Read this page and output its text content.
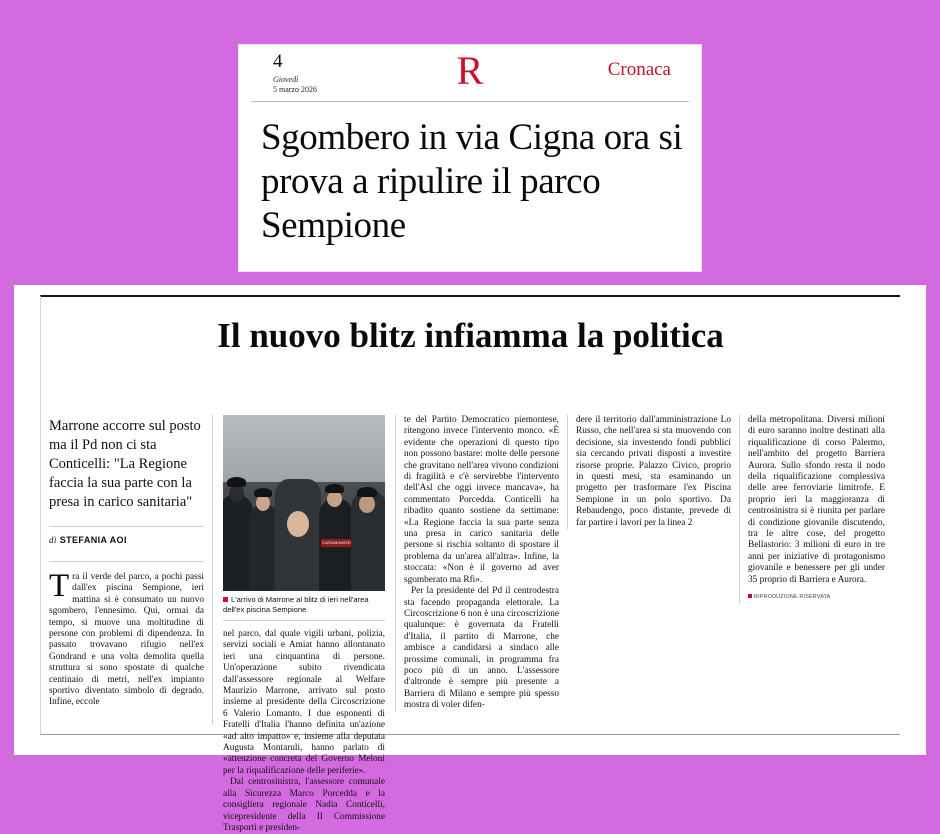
4
Giovedì
5 marzo 2026	R	Cronaca
Sgombero in via Cigna ora si prova a ripulire il parco Sempione
Il nuovo blitz infiamma la politica
Marrone accorre sul posto ma il Pd non ci sta Conticelli: "La Regione faccia la sua parte con la presa in carico sanitaria"
di STEFANIA AOI
T ra il verde del parco, a pochi passi dall'ex piscina Sempione, ieri mattina si è consumato un nuovo sgombero, l'ennesimo. Qui, ormai da tempo, si muove una moltitudine di persone con problemi di dipendenza. In passato trovavano rifugio nell'ex Gondrand e una volta demolita quella struttura si sono spostate di qualche centinaio di metri, nell'ex impianto sportivo diventato simbolo di degrado. Infine, eccole
CARABINIERI
L'arrivo di Marrone al blitz di ieri nell'area dell'ex piscina Sempione

nel parco, dal quale vigili urbani, polizia, servizi sociali e Amiat hanno allontanato ieri una cinquantina di persone. Un'operazione subito rivendicata dall'assessore regionale al Welfare Maurizio Marrone, arrivato sul posto insieme al presidente della Circoscrizione 6 Valerio Lomanto. I due esponenti di Fratelli d'Italia l'hanno definita un'azione «ad alto impatto» e, insieme alla deputata Augusta Montaruli, hanno parlato di «attenzione concreta del Governo Meloni per la riqualificazione delle periferie».

Dal centrosinistra, l'assessore comunale alla Sicurezza Marco Porcedda e la consigliera regionale Nadia Conticelli, vicepresidente della II Commissione Trasporti e presiden-

te del Partito Democratico piemontese, ritengono invece l'intervento monco. «È evidente che operazioni di questo tipo non possono bastare: molte delle persone che gravitano nell'area vivono condizioni di fragilità e c'è servirebbe l'intervento dell'Asl che oggi invece mancava», ha commentato Porcedda. Conticelli ha ribadito quanto sostiene da settimane: «La Regione faccia la sua parte senza una presa in carico sanitaria delle persone si rischia soltanto di spostare il problema da un'area all'altra». Infine, la stoccata: «Non è il governo ad aver sgomberato ma Rfi».

Per la presidente del Pd il centrodestra sta facendo propaganda elettorale. La Circoscrizione 6 non è una circoscrizione qualunque: è governata da Fratelli d'Italia, il partito di Marrone, che ambisce a candidarsi a sindaco alle prossime comunali, in programma fra poco più di un anno. L'assessore d'altronde è sempre più presente a Barriera di Milano e sempre più spesso mostra di voler difen-

dere il territorio dall'amministrazione Lo Russo, che nell'area si sta muovendo con decisione, sia investendo fondi pubblici sia cercando privati disposti a investire risorse proprie. Palazzo Civico, proprio in questi mesi, sta esaminando un progetto per trasformare l'ex Piscina Sempione in un polo sportivo. Da Rebaudengo, poco distante, prevede di far partire i lavori per la linea 2

della metropolitana. Diversi milioni di euro saranno inoltre destinati alla riqualificazione di corso Palermo, nell'ambito del progetto Barriera Aurora. Sullo sfondo resta il nodo della riqualificazione complessiva delle aree ferroviarie limitrofe. E proprio ieri la maggioranza di centrosinistra si è riunita per parlare di condizione giovanile discutendo, tra le altre cose, del progetto Bellastorio: 3 milioni di euro in tre anni per iniziative di protagonismo giovanile e benessere per gli under 35 proprio di Barriera e Aurora.

RIPRODUZIONE RISERVATA
